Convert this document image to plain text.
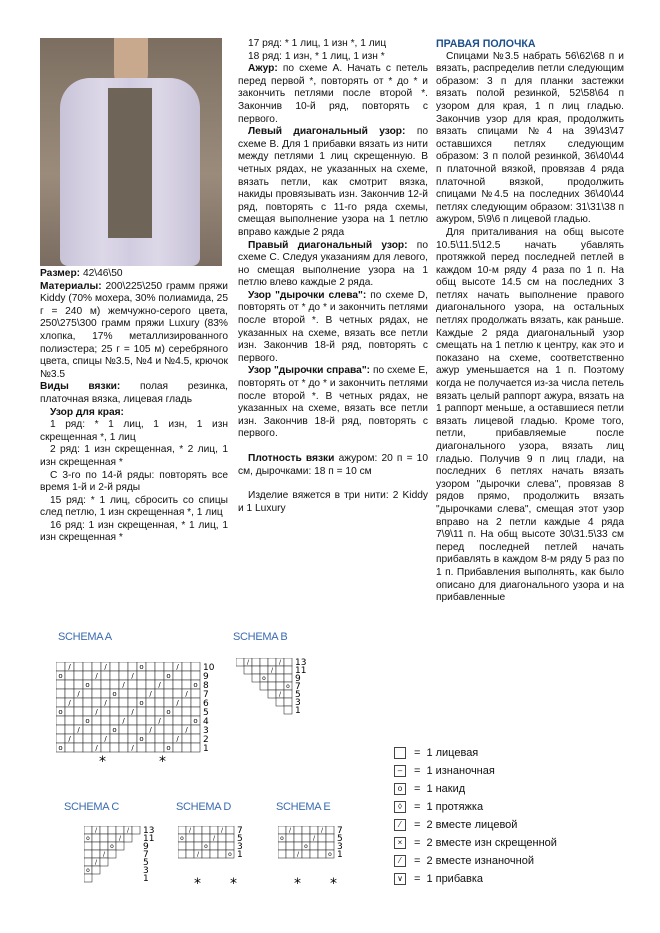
Размер: 42\46\50

Материалы: 200\225\250 грамм пряжи Kiddy (70% мохера, 30% полиамида, 25 г = 240 м) жемчужно-серого цвета, 250\275\300 грамм пряжи Luxury (83% хлопка, 17% металлизированного полиэстера; 25 г = 105 м) серебряного цвета, спицы №3.5, №4 и №4.5, крючок №3.5

Виды вязки: полая резинка, платочная вязка, лицевая гладь

Узор для края:

1 ряд: * 1 лиц, 1 изн, 1 изн скрещенная *, 1 лиц

2 ряд: 1 изн скрещенная, * 2 лиц, 1 изн скрещенная *

С 3-го по 14-й ряды: повторять все время 1-й и 2-й ряды

15 ряд: * 1 лиц, сбросить со спицы след петлю, 1 изн скрещенная *, 1 лиц

16 ряд: 1 изн скрещенная, * 1 лиц, 1 изн скрещенная *

17 ряд: * 1 лиц, 1 изн *, 1 лиц

18 ряд: 1 изн, * 1 лиц, 1 изн *

Ажур: по схеме A. Начать с петель перед первой *, повторять от * до * и закончить петлями после второй *. Закончив 10-й ряд, повторять с первого.

Левый диагональный узор: по схеме B. Для 1 прибавки вязать из нити между петлями 1 лиц скрещенную. В четных рядах, не указанных на схеме, вязать петли, как смотрит вязка, накиды провязывать изн. Закончив 12-й ряд, повторять с 11-го ряда схемы, смещая выполнение узора на 1 петлю вправо каждые 2 ряда

Правый диагональный узор: по схеме C. Следуя указаниям для левого, но смещая выполнение узора на 1 петлю влево каждые 2 ряда.

Узор "дырочки слева": по схеме D, повторять от * до * и закончить петлями после второй *. В четных рядах, не указанных на схеме, вязать все петли изн. Закончив 18-й ряд, повторять с первого.

Узор "дырочки справа": по схеме E, повторять от * до * и закончить петлями после второй *. В четных рядах, не указанных на схеме, вязать все петли изн. Закончив 18-й ряд, повторять с первого.

Плотность вязки ажуром: 20 п = 10 см, дырочками: 18 п = 10 см

Изделие вяжется в три нити: 2 Kiddy и 1 Luxury

ПРАВАЯ ПОЛОЧКА

Спицами №3.5 набрать 56\62\68 п и вязать, распределив петли следующим образом: 3 п для планки застежки вязать полой резинкой, 52\58\64 п узором для края, 1 п лиц гладью. Закончив узор для края, продолжить вязать спицами №4 на 39\43\47 оставшихся петлях следующим образом: 3 п полой резинкой, 36\40\44 п платочной вязкой, провязав 4 ряда платочной вязкой, продолжить спицами №4.5 на последних 36\40\44 петлях следующим образом: 31\31\38 п ажуром, 5\9\6 п лицевой гладью.

Для приталивания на общ высоте 10.5\11.5\12.5 начать убавлять протяжкой перед последней петлей в каждом 10-м ряду 4 раза по 1 п. На общ высоте 14.5 см на последних 3 петлях начать выполнение правого диагонального узора, на остальных петлях продолжать вязать, как раньше. Каждые 2 ряда диагональный узор смещать на 1 петлю к центру, как это и показано на схеме, соответственно ажур уменьшается на 1 п. Поэтому когда не получается из-за числа петель вязать целый раппорт ажура, вязать на 1 раппорт меньше, а оставшиеся петли вязать лицевой гладью. Кроме того, петли, прибавляемые после диагонального узора, вязать лиц гладью. Получив 9 п лиц глади, на последних 6 петлях начать вязать узором "дырочки слева", провязав 8 рядов прямо, продолжить вязать "дырочками слева", смещая этот узор вправо на 2 петли каждые 4 ряда 7\9\11 п. На общ высоте 30\31.5\33 см перед последней петлей начать прибавлять в каждом 8-м ряду 5 раз по 1 п. Прибавления выполнять, как было описано для диагонального узора и на прибавленные

SCHEMA A	SCHEMA B
SCHEMA C	SCHEMA D	SCHEMA E
/	/	o	/
o	/	/	o
o	/	/	o
/	o	/	/
/	/	o	/
o	/	/	o
o	/	/	o
/	o	/	/
/	/	o	/
o	/	/	o
10
9
8
7
6
5
4
3
2
1
*	*
/	/
/
o
o
/
13
11
9
7
5
3
1
/	/
o	/
o
/
/
o
13
11
9
7
5
3
1
/	/
o	/
o
/	o
7
5
3
1
* *
/	/
o	/
o
/	o
7
5
3
1
* *
= 1 лицевая
–	= 1 изнаночная
o	= 1 накид
◊	= 1 протяжка
⁄	= 2 вместе лицевой
×	= 2 вместе изн скрещенной
⁄	= 2 вместе изнаночной
∨ = 1 прибавка
